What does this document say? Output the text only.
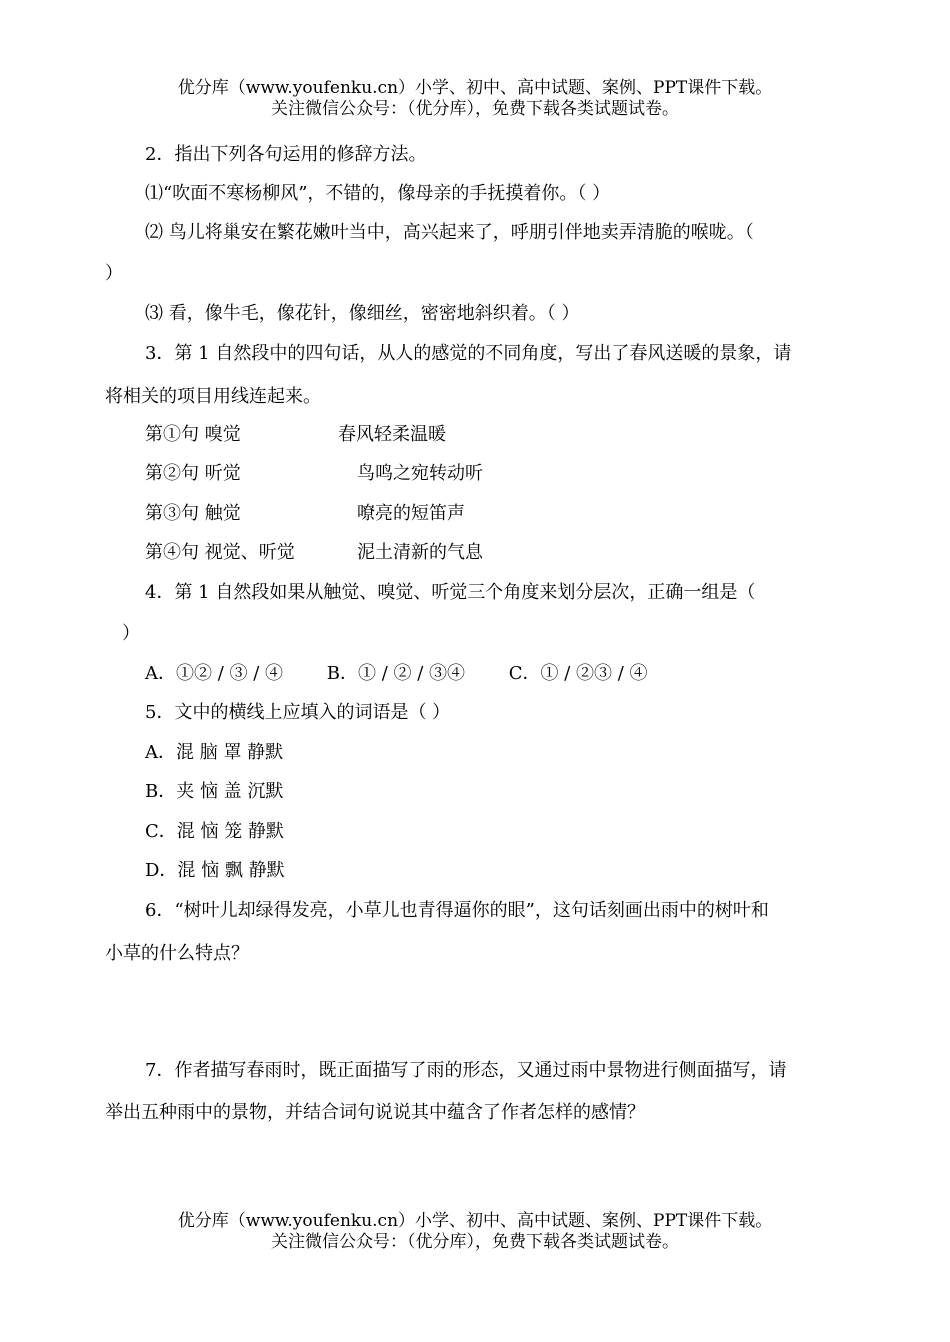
优分库（www.youfenku.cn）小学、初中、高中试题、案例、PPT课件下载。
关注微信公众号：（优分库），免费下载各类试题试卷。
2．指出下列各句运用的修辞方法。
⑴“吹面不寒杨柳风”，不错的，像母亲的手抚摸着你。（ ）
⑵ 鸟儿将巢安在繁花嫩叶当中，高兴起来了，呼朋引伴地卖弄清脆的喉咙。（
）
⑶ 看，像牛毛，像花针，像细丝，密密地斜织着。（ ）
3．第 1 自然段中的四句话，从人的感觉的不同角度，写出了春风送暖的景象，请
将相关的项目用线连起来。
第①句 嗅觉	春风轻柔温暖
第②句 听觉	鸟鸣之宛转动听
第③句 触觉	嘹亮的短笛声
第④句 视觉、听觉	泥土清新的气息
4．第 1 自然段如果从触觉、嗅觉、听觉三个角度来划分层次，正确一组是（
）
A．①② / ③ / ④ B．① / ② / ③④ C．① / ②③ / ④
5．文中的横线上应填入的词语是（ ）
A．混 脑 罩 静默
B．夹 恼 盖 沉默
C．混 恼 笼 静默
D．混 恼 飘 静默
6．“树叶儿却绿得发亮，小草儿也青得逼你的眼”，这句话刻画出雨中的树叶和
小草的什么特点？
7．作者描写春雨时，既正面描写了雨的形态，又通过雨中景物进行侧面描写，请
举出五种雨中的景物，并结合词句说说其中蕴含了作者怎样的感情？
优分库（www.youfenku.cn）小学、初中、高中试题、案例、PPT课件下载。
关注微信公众号：（优分库），免费下载各类试题试卷。
